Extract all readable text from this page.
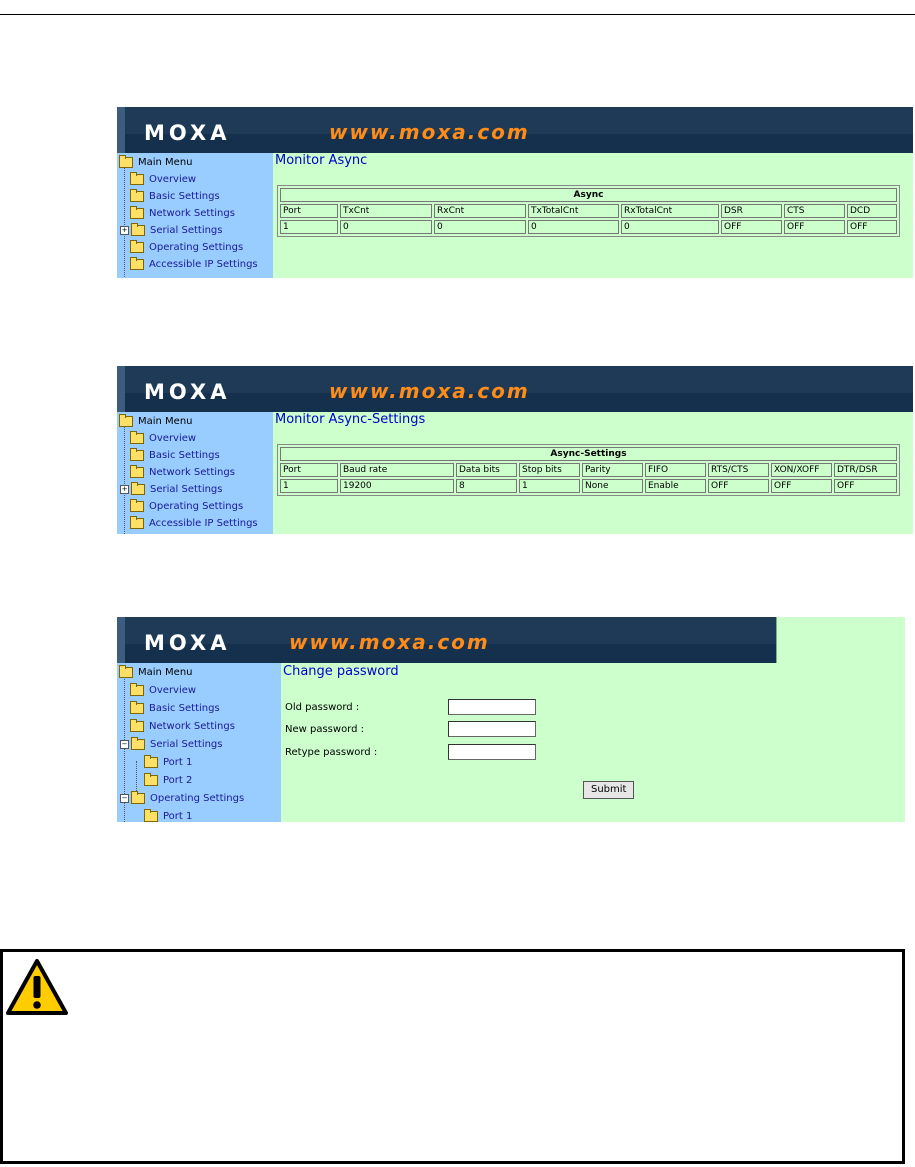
MOXA	www.moxa.com
Main Menu
Overview
Basic Settings
Network Settings
+ Serial Settings
Operating Settings
Accessible IP Settings
Monitor Async
Async							
Port	TxCnt	RxCnt	TxTotalCnt	RxTotalCnt	DSR	CTS	DCD
1	0	0	0	0	OFF	OFF	OFF
MOXA	www.moxa.com
Main Menu
Overview
Basic Settings
Network Settings
+ Serial Settings
Operating Settings
Accessible IP Settings
Monitor Async-Settings
Async-Settings								
Port	Baud rate	Data bits	Stop bits	Parity	FIFO	RTS/CTS	XON/XOFF	DTR/DSR
1	19200	8	1	None	Enable	OFF	OFF	OFF
MOXA	www.moxa.com
Main Menu
Overview
Basic Settings
Network Settings
− Serial Settings
Port 1
Port 2
− Operating Settings
Port 1
Change password
Old password :
New password :
Retype password :
Submit
